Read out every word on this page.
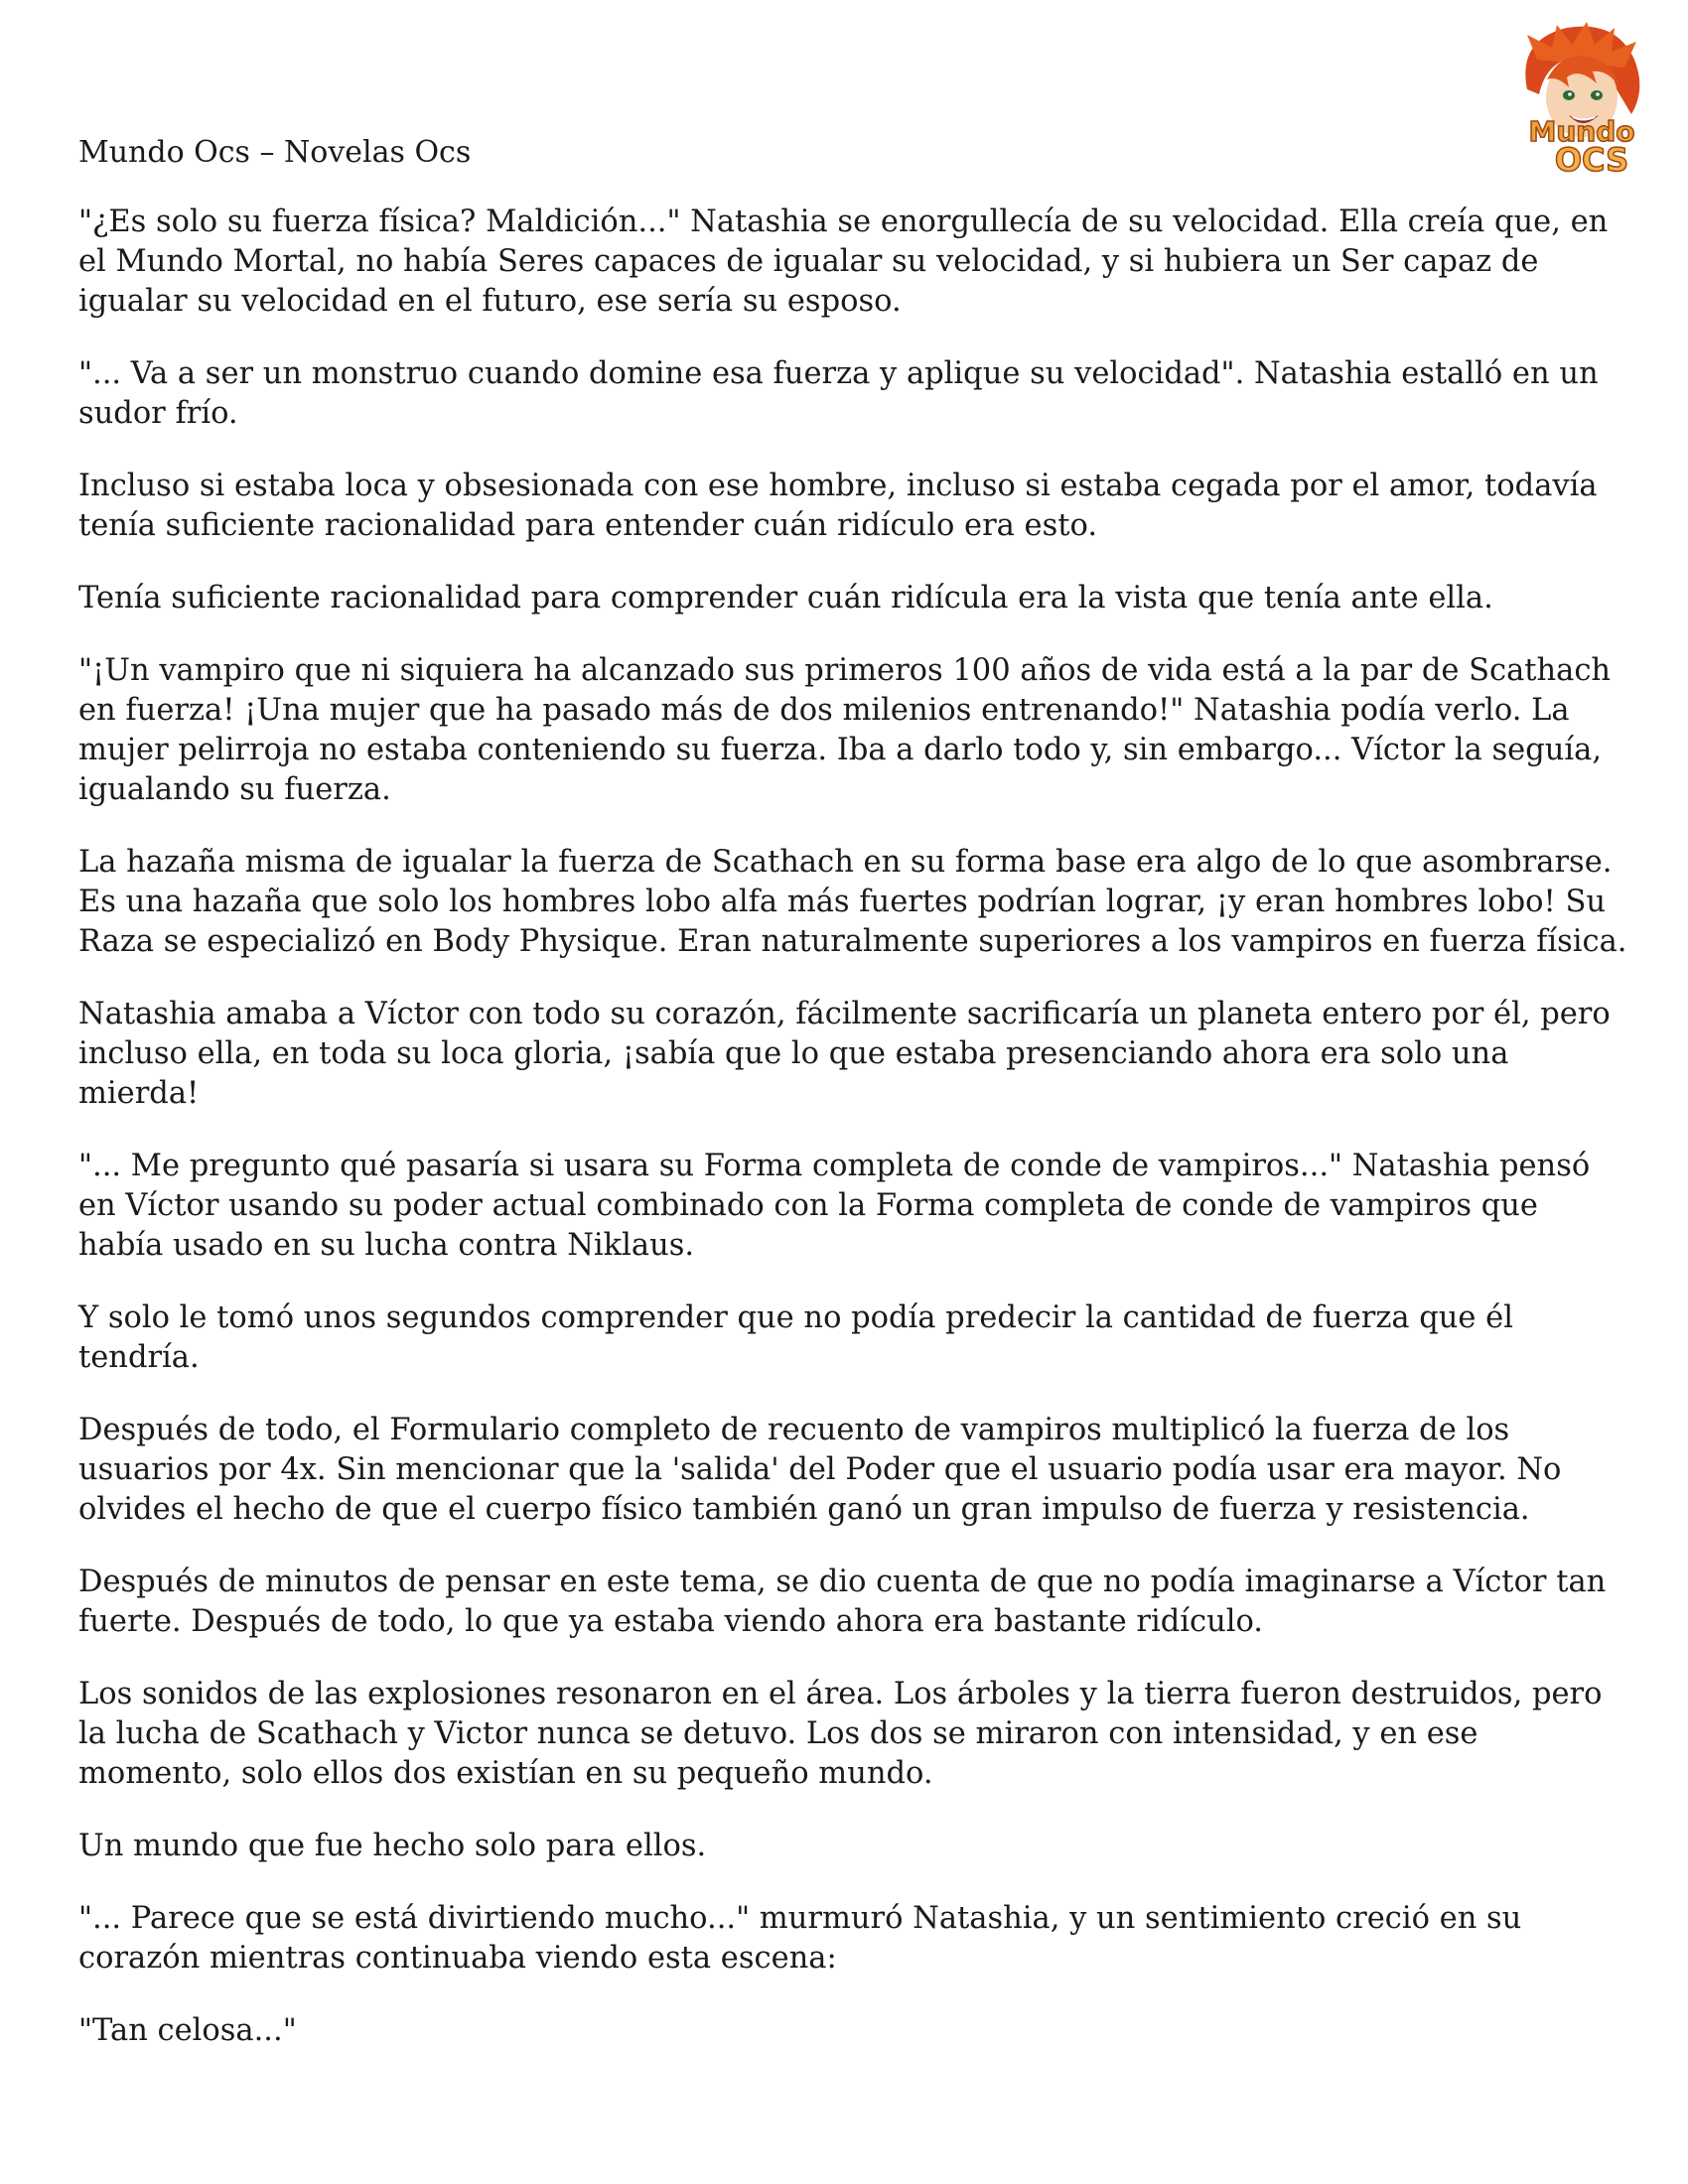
Mundo
OCS

Mundo Ocs – Novelas Ocs

"¿Es solo su fuerza física? Maldición..." Natashia se enorgullecía de su velocidad. Ella creía que, en el Mundo Mortal, no había Seres capaces de igualar su velocidad, y si hubiera un Ser capaz de igualar su velocidad en el futuro, ese sería su esposo.

"... Va a ser un monstruo cuando domine esa fuerza y aplique su velocidad". Natashia estalló en un sudor frío.

Incluso si estaba loca y obsesionada con ese hombre, incluso si estaba cegada por el amor, todavía tenía suficiente racionalidad para entender cuán ridículo era esto.

Tenía suficiente racionalidad para comprender cuán ridícula era la vista que tenía ante ella.

"¡Un vampiro que ni siquiera ha alcanzado sus primeros 100 años de vida está a la par de Scathach en fuerza! ¡Una mujer que ha pasado más de dos milenios entrenando!" Natashia podía verlo. La mujer pelirroja no estaba conteniendo su fuerza. Iba a darlo todo y, sin embargo... Víctor la seguía, igualando su fuerza.

La hazaña misma de igualar la fuerza de Scathach en su forma base era algo de lo que asombrarse. Es una hazaña que solo los hombres lobo alfa más fuertes podrían lograr, ¡y eran hombres lobo! Su Raza se especializó en Body Physique. Eran naturalmente superiores a los vampiros en fuerza física.

Natashia amaba a Víctor con todo su corazón, fácilmente sacrificaría un planeta entero por él, pero incluso ella, en toda su loca gloria, ¡sabía que lo que estaba presenciando ahora era solo una mierda!

"... Me pregunto qué pasaría si usara su Forma completa de conde de vampiros..." Natashia pensó en Víctor usando su poder actual combinado con la Forma completa de conde de vampiros que había usado en su lucha contra Niklaus.

Y solo le tomó unos segundos comprender que no podía predecir la cantidad de fuerza que él tendría.

Después de todo, el Formulario completo de recuento de vampiros multiplicó la fuerza de los usuarios por 4x. Sin mencionar que la 'salida' del Poder que el usuario podía usar era mayor. No olvides el hecho de que el cuerpo físico también ganó un gran impulso de fuerza y resistencia.

Después de minutos de pensar en este tema, se dio cuenta de que no podía imaginarse a Víctor tan fuerte. Después de todo, lo que ya estaba viendo ahora era bastante ridículo.

Los sonidos de las explosiones resonaron en el área. Los árboles y la tierra fueron destruidos, pero la lucha de Scathach y Victor nunca se detuvo. Los dos se miraron con intensidad, y en ese momento, solo ellos dos existían en su pequeño mundo.

Un mundo que fue hecho solo para ellos.

"... Parece que se está divirtiendo mucho..." murmuró Natashia, y un sentimiento creció en su corazón mientras continuaba viendo esta escena:

"Tan celosa..."
